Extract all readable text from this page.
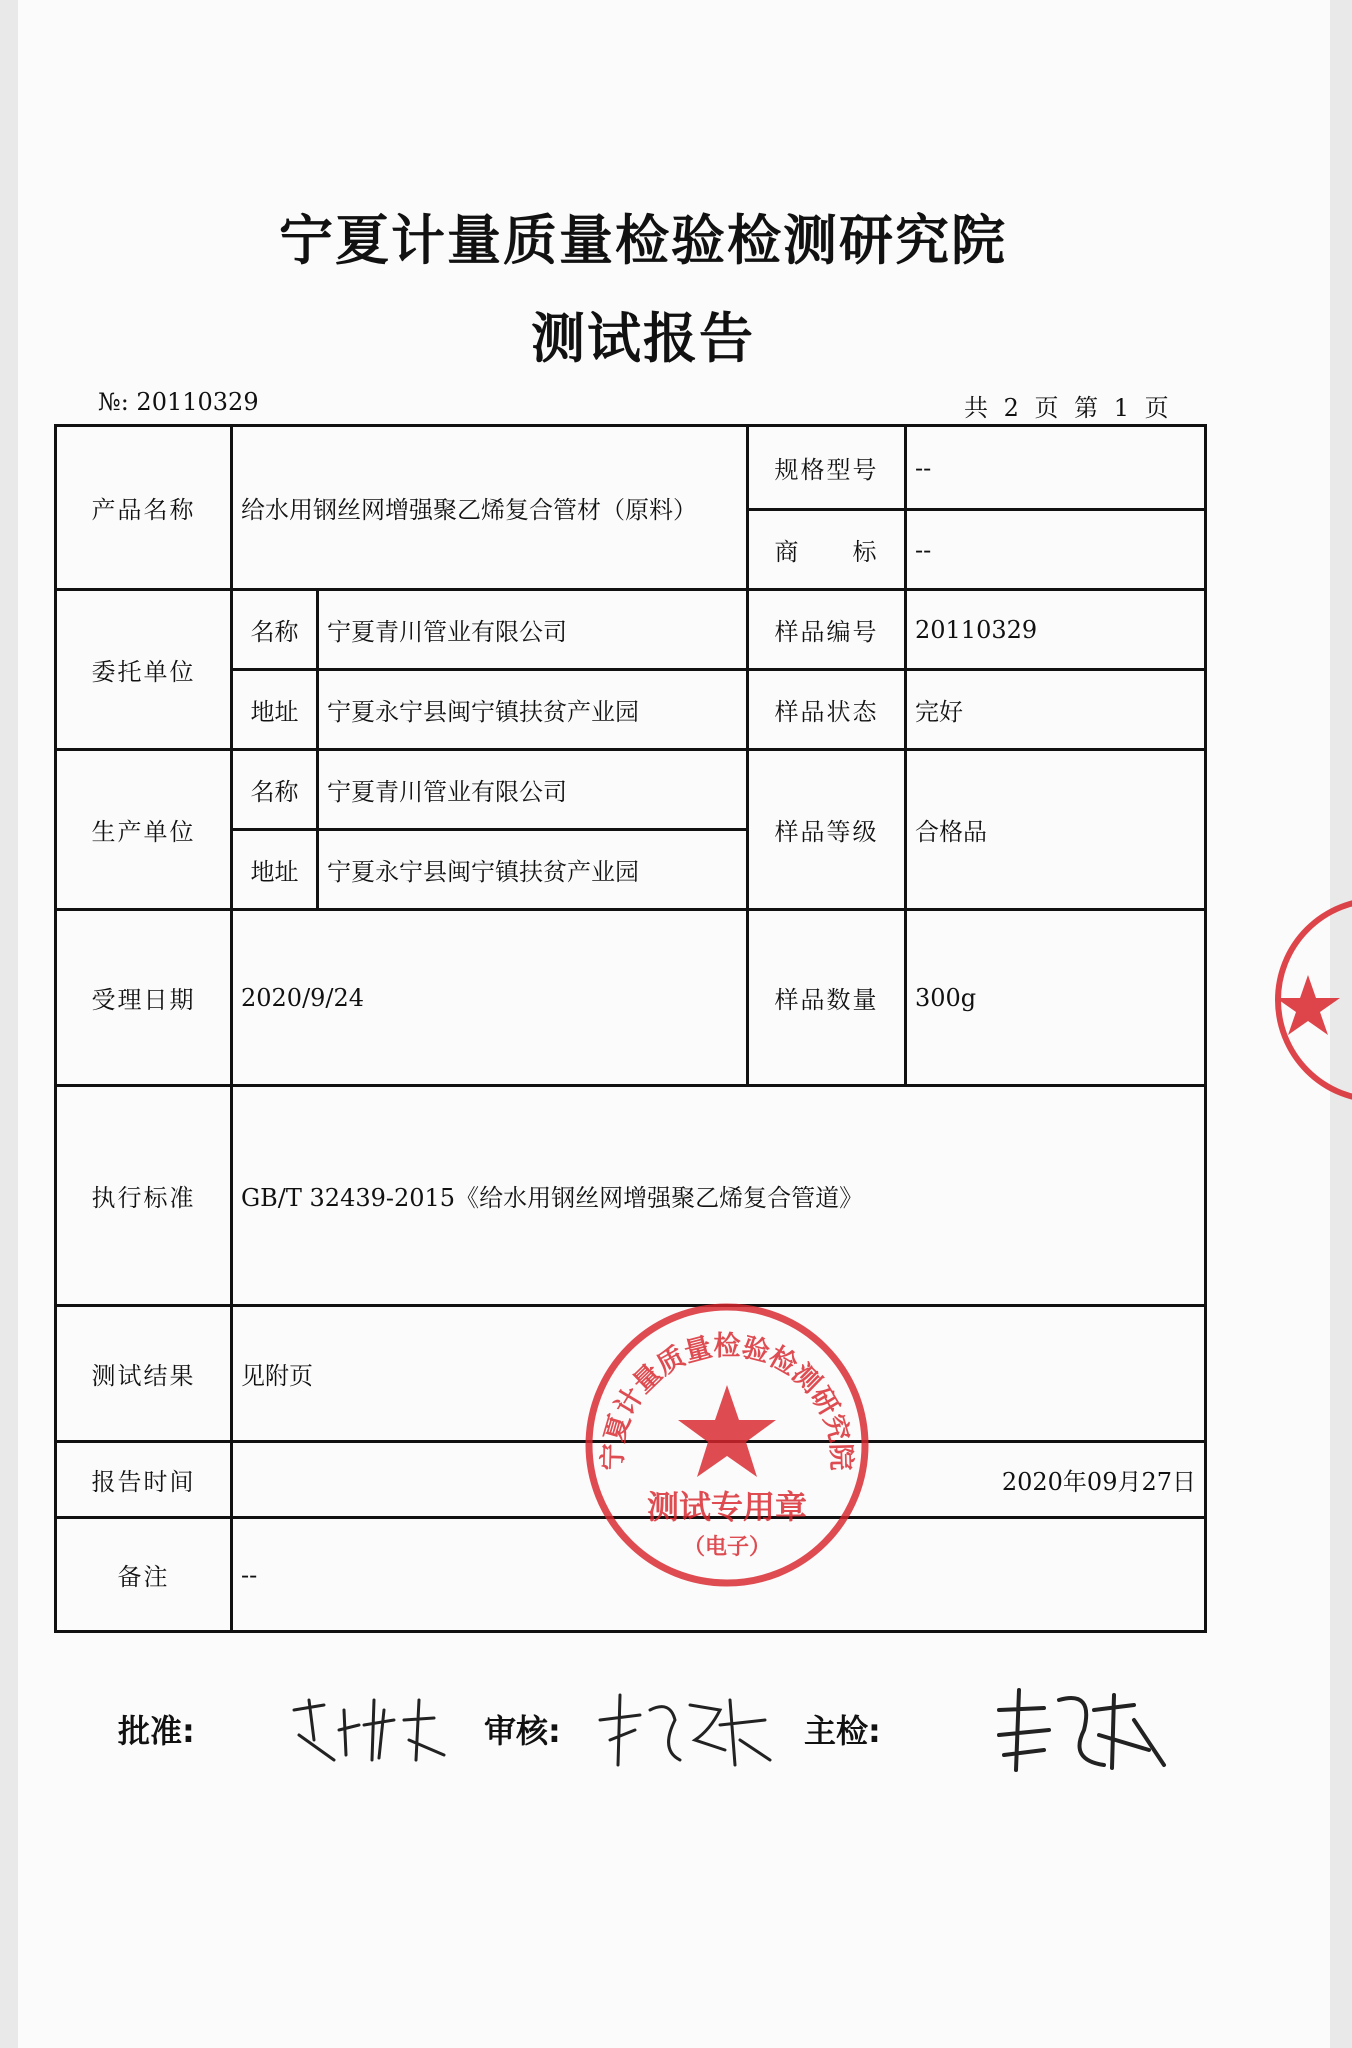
宁夏计量质量检验检测研究院
测试报告
№: 20110329	共 2 页 第 1 页
产品名称	给水用钢丝网增强聚乙烯复合管材（原料）		规格型号	--
			商　　标	--
委托单位	名称	宁夏青川管业有限公司	样品编号	20110329
	地址	宁夏永宁县闽宁镇扶贫产业园	样品状态	完好
生产单位	名称	宁夏青川管业有限公司	样品等级	合格品
	地址	宁夏永宁县闽宁镇扶贫产业园		
受理日期	2020/9/24		样品数量	300g
执行标准	GB/T 32439-2015《给水用钢丝网增强聚乙烯复合管道》			
测试结果	见附页			
报告时间	2020年09月27日			
备注	--			
宁夏计量质量检验检测研究院
测试专用章
（电子）
批准:	审核:	主检:
